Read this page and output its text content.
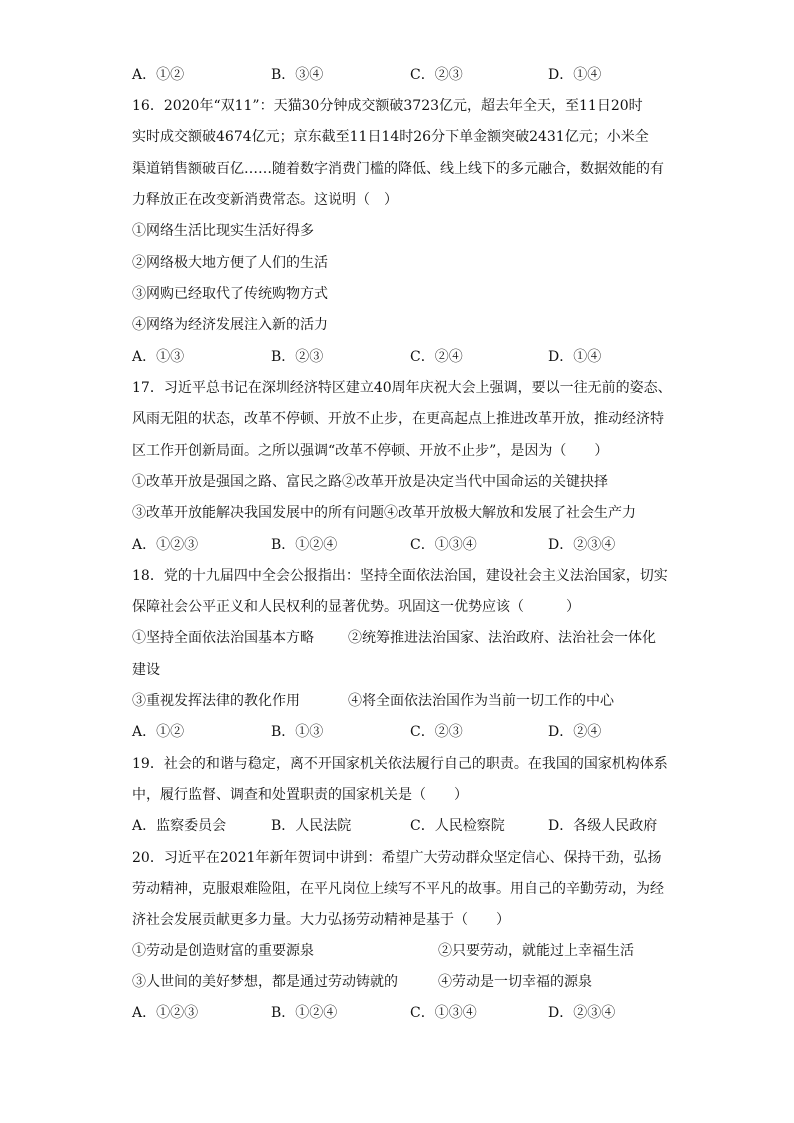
A．①②	B．③④	C．②③	D．①④
16．2020年“双11”：天猫30分钟成交额破3723亿元，超去年全天，至11日20时
实时成交额破4674亿元；京东截至11日14时26分下单金额突破2431亿元；小米全
渠道销售额破百亿……随着数字消费门槛的降低、线上线下的多元融合，数据效能的有
力释放正在改变新消费常态。这说明（　）
①网络生活比现实生活好得多
②网络极大地方便了人们的生活
③网购已经取代了传统购物方式
④网络为经济发展注入新的活力
A．①③	B．②③	C．②④	D．①④
17．习近平总书记在深圳经济特区建立40周年庆祝大会上强调，要以一往无前的姿态、
风雨无阻的状态，改革不停顿、开放不止步，在更高起点上推进改革开放，推动经济特
区工作开创新局面。之所以强调“改革不停顿、开放不止步”，是因为（　　）
①改革开放是强国之路、富民之路②改革开放是决定当代中国命运的关键抉择
③改革开放能解决我国发展中的所有问题④改革开放极大解放和发展了社会生产力
A．①②③	B．①②④	C．①③④	D．②③④
18．党的十九届四中全会公报指出：坚持全面依法治国，建设社会主义法治国家，切实
保障社会公平正义和人民权利的显著优势。巩固这一优势应该（　　　）
①坚持全面依法治国基本方略 ②统筹推进法治国家、法治政府、法治社会一体化
建设
③重视发挥法律的教化作用	④将全面依法治国作为当前一切工作的中心
A．①②	B．①③	C．②③	D．②④
19．社会的和谐与稳定，离不开国家机关依法履行自己的职责。在我国的国家机构体系
中，履行监督、调查和处置职责的国家机关是（　　）
A．监察委员会	B．人民法院	C．人民检察院	D．各级人民政府
20．习近平在2021年新年贺词中讲到：希望广大劳动群众坚定信心、保持干劲，弘扬
劳动精神，克服艰难险阻，在平凡岗位上续写不平凡的故事。用自己的辛勤劳动，为经
济社会发展贡献更多力量。大力弘扬劳动精神是基于（　　）
①劳动是创造财富的重要源泉	②只要劳动，就能过上幸福生活
③人世间的美好梦想，都是通过劳动铸就的	④劳动是一切幸福的源泉
A．①②③	B．①②④	C．①③④	D．②③④
